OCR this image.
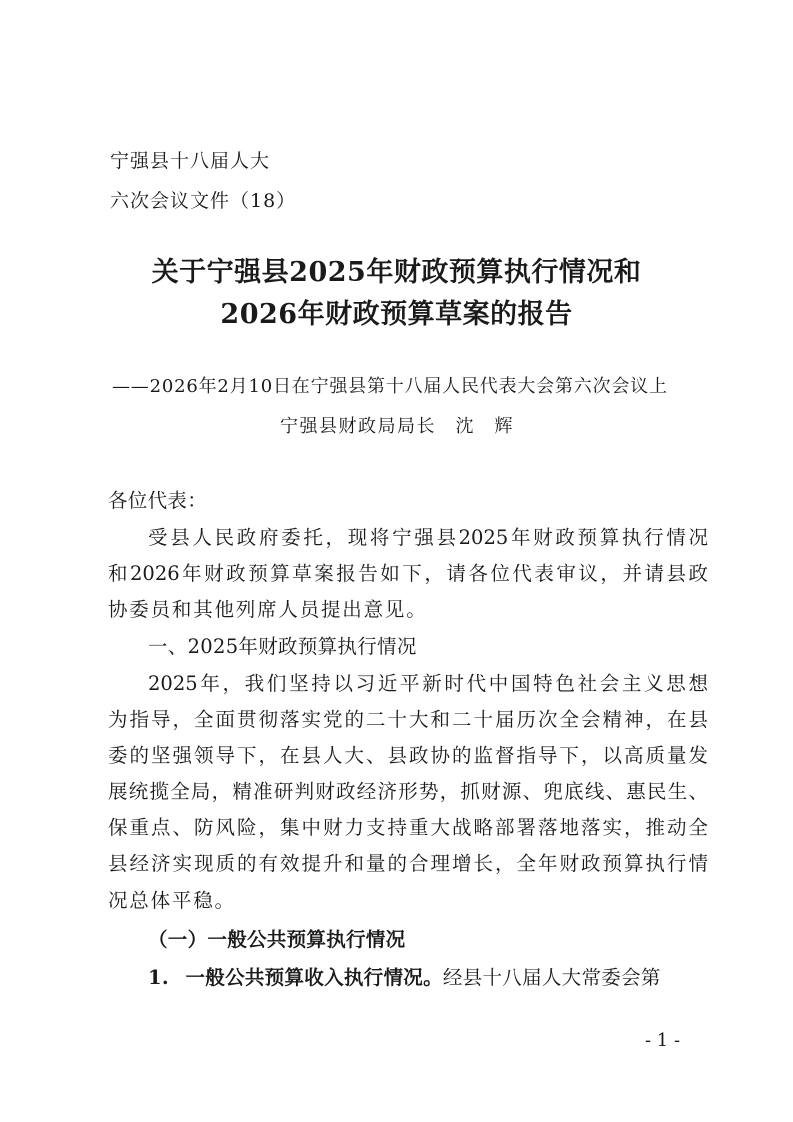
宁强县十八届人大
六次会议文件（18）
关于宁强县2025年财政预算执行情况和
2026年财政预算草案的报告
——2026年2月10日在宁强县第十八届人民代表大会第六次会议上
宁强县财政局局长　沈　辉
各位代表：
受县人民政府委托，现将宁强县2025年财政预算执行情况
和2026年财政预算草案报告如下，请各位代表审议，并请县政
协委员和其他列席人员提出意见。
一、2025年财政预算执行情况
2025年，我们坚持以习近平新时代中国特色社会主义思想
为指导，全面贯彻落实党的二十大和二十届历次全会精神，在县
委的坚强领导下，在县人大、县政协的监督指导下，以高质量发
展统揽全局，精准研判财政经济形势，抓财源、兜底线、惠民生、
保重点、防风险，集中财力支持重大战略部署落地落实，推动全
县经济实现质的有效提升和量的合理增长，全年财政预算执行情
况总体平稳。
（一）一般公共预算执行情况
1. 一般公共预算收入执行情况。经县十八届人大常委会第
- 1 -
